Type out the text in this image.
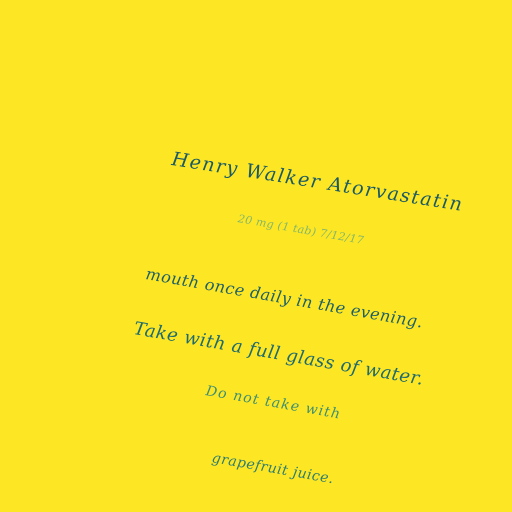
Henry Walker Atorvastatin

20 mg (1 tab) 7/12/17

mouth once daily in the evening.

Take with a full glass of water.

Do not take with

grapefruit juice.
